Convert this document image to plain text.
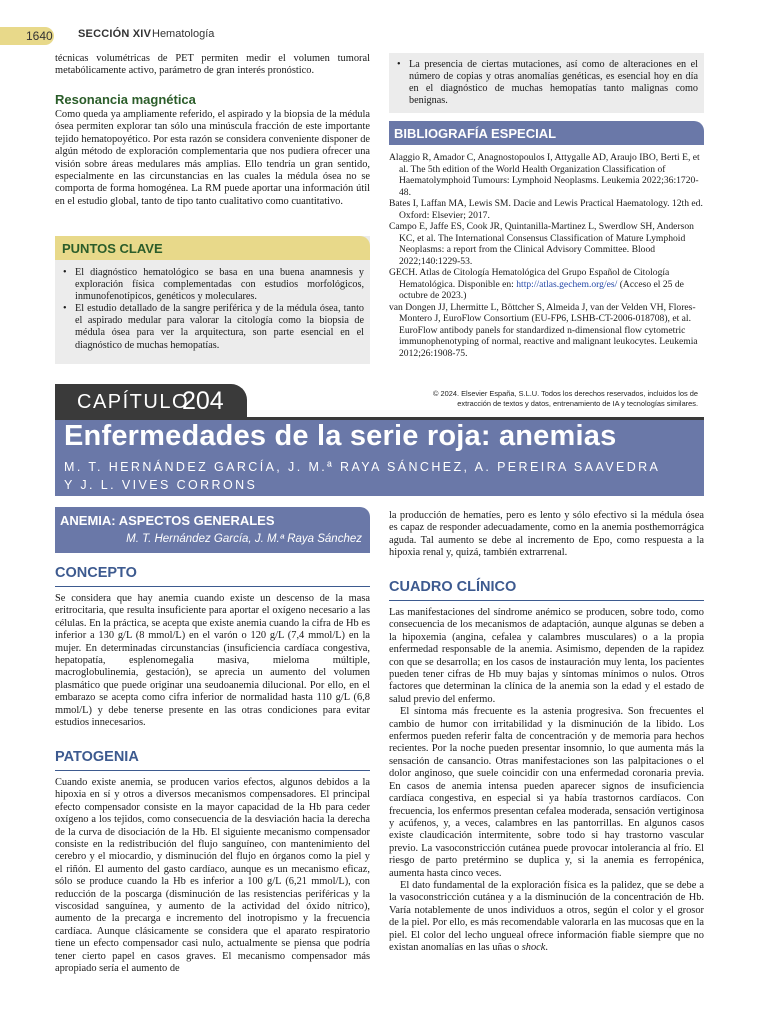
1640 SECCIÓN XIV Hematología

técnicas volumétricas de PET permiten medir el volumen tumoral metabólicamente activo, parámetro de gran interés pronóstico.

Resonancia magnética

Como queda ya ampliamente referido, el aspirado y la biopsia de la médula ósea permiten explorar tan sólo una minúscula fracción de este importante tejido hematopoyético. Por esta razón se considera conveniente disponer de algún método de exploración complementaria que nos pudiera ofrecer una visión sobre áreas medulares más amplias. Ello tendría un gran sentido, especialmente en las circunstancias en las cuales la médula ósea no se comporta de forma homogénea. La RM puede aportar una información útil en el estudio global, tanto de tipo tanto cualitativo como cuantitativo.

PUNTOS CLAVE
• El diagnóstico hematológico se basa en una buena anamnesis y exploración física complementadas con estudios morfológicos, inmunofenotípicos, genéticos y moleculares.
• El estudio detallado de la sangre periférica y de la médula ósea, tanto el aspirado medular para valorar la citología como la biopsia de médula ósea para ver la arquitectura, son parte esencial en el diagnóstico de muchas hemopatías.
• La presencia de ciertas mutaciones, así como de alteraciones en el número de copias y otras anomalías genéticas, es esencial hoy en día en el diagnóstico de muchas hemopatías tanto malignas como benignas.
BIBLIOGRAFÍA ESPECIAL
Alaggio R, Amador C, Anagnostopoulos I, Attygalle AD, Araujo IBO, Berti E, et al. The 5th edition of the World Health Organization Classification of Haematolymphoid Tumours: Lymphoid Neoplasms. Leukemia 2022;36:1720-48.
Bates I, Laffan MA, Lewis SM. Dacie and Lewis Practical Haematology. 12th ed. Oxford: Elsevier; 2017.
Campo E, Jaffe ES, Cook JR, Quintanilla-Martinez L, Swerdlow SH, Anderson KC, et al. The International Consensus Classification of Mature Lymphoid Neoplasms: a report from the Clinical Advisory Committee. Blood 2022;140:1229-53.
GECH. Atlas de Citología Hematológica del Grupo Español de Citología Hematológica. Disponible en: http://atlas.gechem.org/es/ (Acceso el 25 de octubre de 2023.)
van Dongen JJ, Lhermitte L, Böttcher S, Almeida J, van der Velden VH, Flores-Montero J, EuroFlow Consortium (EU-FP6, LSHB-CT-2006-018708), et al. EuroFlow antibody panels for standardized n-dimensional flow cytometric immunophenotyping of normal, reactive and malignant leukocytes. Leukemia 2012;26:1908-75.
CAPÍTULO
204	© 2024. Elsevier España, S.L.U. Todos los derechos reservados, incluidos los de extracción de textos y datos, entrenamiento de IA y tecnologías similares.
Enfermedades de la serie roja: anemias
M. T. HERNÁNDEZ GARCÍA, J. M.ª RAYA SÁNCHEZ, A. PEREIRA SAAVEDRA
Y J. L. VIVES CORRONS
ANEMIA: ASPECTOS GENERALES
M. T. Hernández García, J. M.ª Raya Sánchez
CONCEPTO

Se considera que hay anemia cuando existe un descenso de la masa eritrocitaria, que resulta insuficiente para aportar el oxígeno necesario a las células. En la práctica, se acepta que existe anemia cuando la cifra de Hb es inferior a 130 g/L (8 mmol/L) en el varón o 120 g/L (7,4 mmol/L) en la mujer. En determinadas circunstancias (insuficiencia cardíaca congestiva, hepatopatía, esplenomegalia masiva, mieloma múltiple, macroglobulinemia, gestación), se aprecia un aumento del volumen plasmático que puede originar una seudoanemia dilucional. Por ello, en el embarazo se acepta como cifra inferior de normalidad hasta 110 g/L (6,8 mmol/L) y debe tenerse presente en las otras condiciones para evitar estudios innecesarios.

PATOGENIA

Cuando existe anemia, se producen varios efectos, algunos debidos a la hipoxia en sí y otros a diversos mecanismos compensadores. El principal efecto compensador consiste en la mayor capacidad de la Hb para ceder oxígeno a los tejidos, como consecuencia de la desviación hacia la derecha de la curva de disociación de la Hb. El siguiente mecanismo compensador consiste en la redistribución del flujo sanguíneo, con mantenimiento del cerebro y el miocardio, y disminución del flujo en órganos como la piel y el riñón. El aumento del gasto cardíaco, aunque es un mecanismo eficaz, sólo se produce cuando la Hb es inferior a 100 g/L (6,21 mmol/L), con reducción de la poscarga (disminución de las resistencias periféricas y la viscosidad sanguínea, y aumento de la actividad del óxido nítrico), aumento de la precarga e incremento del inotropismo y la frecuencia cardíaca. Aunque clásicamente se considera que el aparato respiratorio tiene un efecto compensador casi nulo, actualmente se piensa que podría tener cierto papel en casos graves. El mecanismo compensador más apropiado sería el aumento de

la producción de hematíes, pero es lento y sólo efectivo si la médula ósea es capaz de responder adecuadamente, como en la anemia posthemorrágica aguda. Tal aumento se debe al incremento de Epo, como respuesta a la hipoxia renal y, quizá, también extrarrenal.

CUADRO CLÍNICO

Las manifestaciones del síndrome anémico se producen, sobre todo, como consecuencia de los mecanismos de adaptación, aunque algunas se deben a la hipoxemia (angina, cefalea y calambres musculares) o a la propia enfermedad responsable de la anemia. Asimismo, dependen de la rapidez con que se desarrolla; en los casos de instauración muy lenta, los pacientes pueden tener cifras de Hb muy bajas y síntomas mínimos o nulos. Otros factores que determinan la clínica de la anemia son la edad y el estado de salud previo del enfermo.

El síntoma más frecuente es la astenia progresiva. Son frecuentes el cambio de humor con irritabilidad y la disminución de la libido. Los enfermos pueden referir falta de concentración y de memoria para hechos recientes. Por la noche pueden presentar insomnio, lo que aumenta más la sensación de cansancio. Otras manifestaciones son las palpitaciones o el dolor anginoso, que suele coincidir con una enfermedad coronaria previa. En casos de anemia intensa pueden aparecer signos de insuficiencia cardíaca congestiva, en especial si ya había trastornos cardíacos. Con frecuencia, los enfermos presentan cefalea moderada, sensación vertiginosa y acúfenos, y, a veces, calambres en las pantorrillas. En algunos casos existe claudicación intermitente, sobre todo si hay trastorno vascular previo. La vasoconstricción cutánea puede provocar intolerancia al frío. El riesgo de parto pretérmino se duplica y, si la anemia es ferropénica, aumenta hasta cinco veces.

El dato fundamental de la exploración física es la palidez, que se debe a la vasoconstricción cutánea y a la disminución de la concentración de Hb. Varía notablemente de unos individuos a otros, según el color y el grosor de la piel. Por ello, es más recomendable valorarla en las mucosas que en la piel. El color del lecho ungueal ofrece información fiable siempre que no existan anomalías en las uñas o shock.
